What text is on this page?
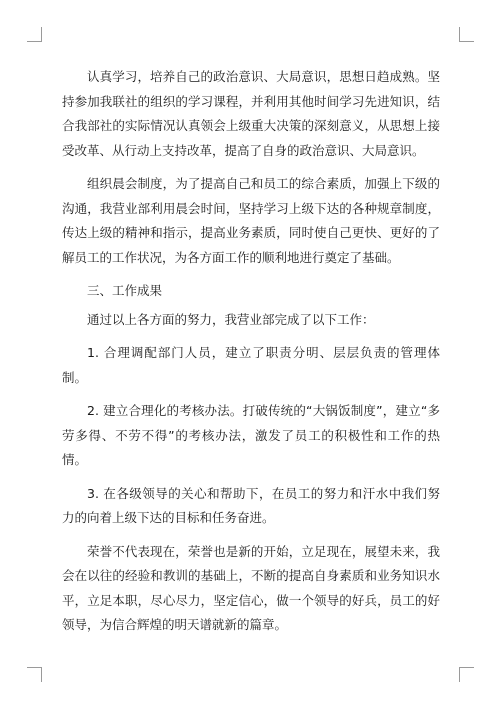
认真学习，培养自己的政治意识、大局意识，思想日趋成熟。坚持参加我联社的组织的学习课程，并利用其他时间学习先进知识，结合我部社的实际情况认真领会上级重大决策的深刻意义，从思想上接受改革、从行动上支持改革，提高了自身的政治意识、大局意识。

组织晨会制度，为了提高自己和员工的综合素质，加强上下级的沟通，我营业部利用晨会时间，坚持学习上级下达的各种规章制度，传达上级的精神和指示，提高业务素质，同时使自己更快、更好的了解员工的工作状况，为各方面工作的顺利地进行奠定了基础。

三、工作成果

通过以上各方面的努力，我营业部完成了以下工作：

1. 合理调配部门人员，建立了职责分明、层层负责的管理体制。

2. 建立合理化的考核办法。打破传统的“大锅饭制度”，建立“多劳多得、不劳不得”的考核办法，激发了员工的积极性和工作的热情。

3. 在各级领导的关心和帮助下，在员工的努力和汗水中我们努力的向着上级下达的目标和任务奋进。

荣誉不代表现在，荣誉也是新的开始，立足现在，展望未来，我会在以往的经验和教训的基础上，不断的提高自身素质和业务知识水平，立足本职，尽心尽力，坚定信心，做一个领导的好兵，员工的好领导，为信合辉煌的明天谱就新的篇章。
